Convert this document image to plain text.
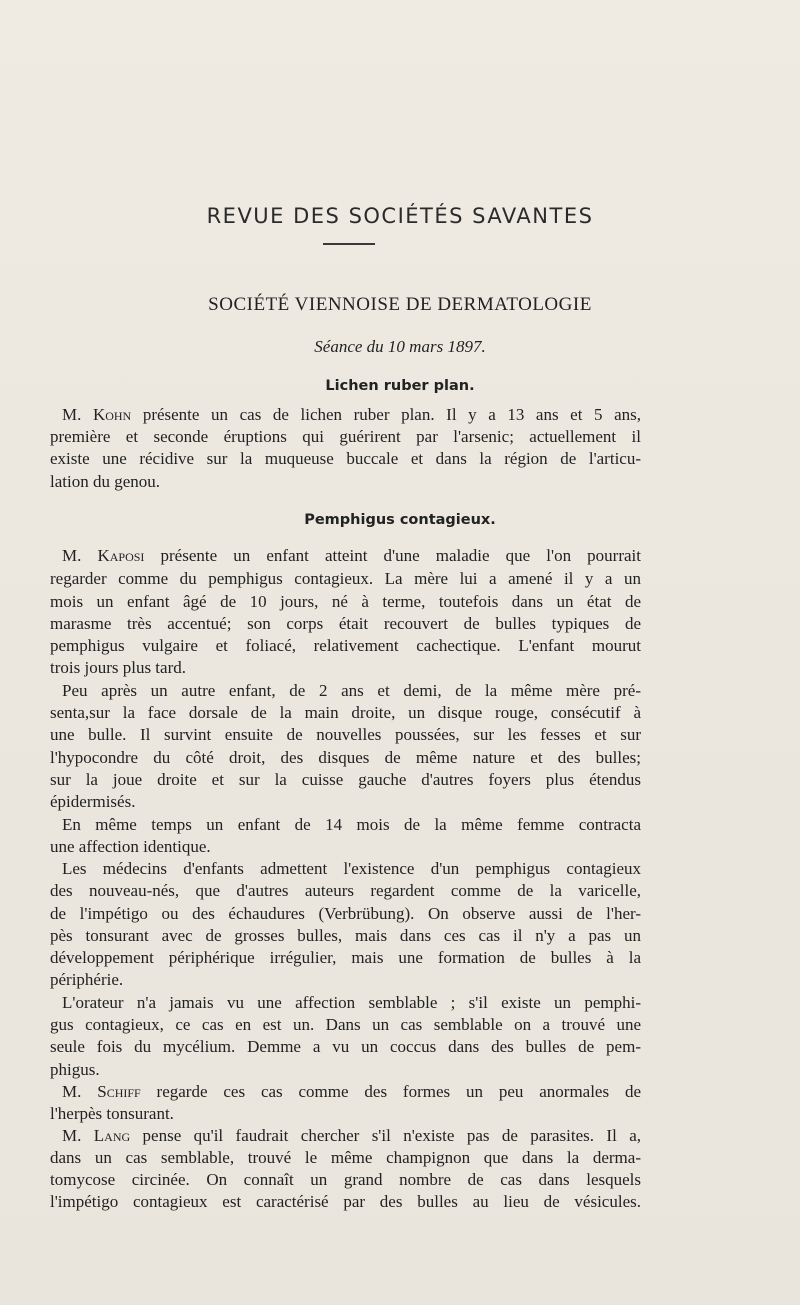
REVUE DES SOCIÉTÉS SAVANTES
SOCIÉTÉ VIENNOISE DE DERMATOLOGIE
Séance du 10 mars 1897.
Lichen ruber plan.
Pemphigus contagieux.
M. Kohn présente un cas de lichen ruber plan. Il y a 13 ans et 5 ans,
première et seconde éruptions qui guérirent par l'arsenic; actuellement il
existe une récidive sur la muqueuse buccale et dans la région de l'articu-
lation du genou.
M. Kaposi présente un enfant atteint d'une maladie que l'on pourrait
regarder comme du pemphigus contagieux. La mère lui a amené il y a un
mois un enfant âgé de 10 jours, né à terme, toutefois dans un état de
marasme très accentué; son corps était recouvert de bulles typiques de
pemphigus vulgaire et foliacé, relativement cachectique. L'enfant mourut
trois jours plus tard.
Peu après un autre enfant, de 2 ans et demi, de la même mère pré-
senta,sur la face dorsale de la main droite, un disque rouge, consécutif à
une bulle. Il survint ensuite de nouvelles poussées, sur les fesses et sur
l'hypocondre du côté droit, des disques de même nature et des bulles;
sur la joue droite et sur la cuisse gauche d'autres foyers plus étendus
épidermisés.
En même temps un enfant de 14 mois de la même femme contracta
une affection identique.
Les médecins d'enfants admettent l'existence d'un pemphigus contagieux
des nouveau-nés, que d'autres auteurs regardent comme de la varicelle,
de l'impétigo ou des échaudures (Verbrübung). On observe aussi de l'her-
pès tonsurant avec de grosses bulles, mais dans ces cas il n'y a pas un
développement périphérique irrégulier, mais une formation de bulles à la
périphérie.
L'orateur n'a jamais vu une affection semblable ; s'il existe un pemphi-
gus contagieux, ce cas en est un. Dans un cas semblable on a trouvé une
seule fois du mycélium. Demme a vu un coccus dans des bulles de pem-
phigus.
M. Schiff regarde ces cas comme des formes un peu anormales de
l'herpès tonsurant.
M. Lang pense qu'il faudrait chercher s'il n'existe pas de parasites. Il a,
dans un cas semblable, trouvé le même champignon que dans la derma-
tomycose circinée. On connaît un grand nombre de cas dans lesquels
l'impétigo contagieux est caractérisé par des bulles au lieu de vésicules.
